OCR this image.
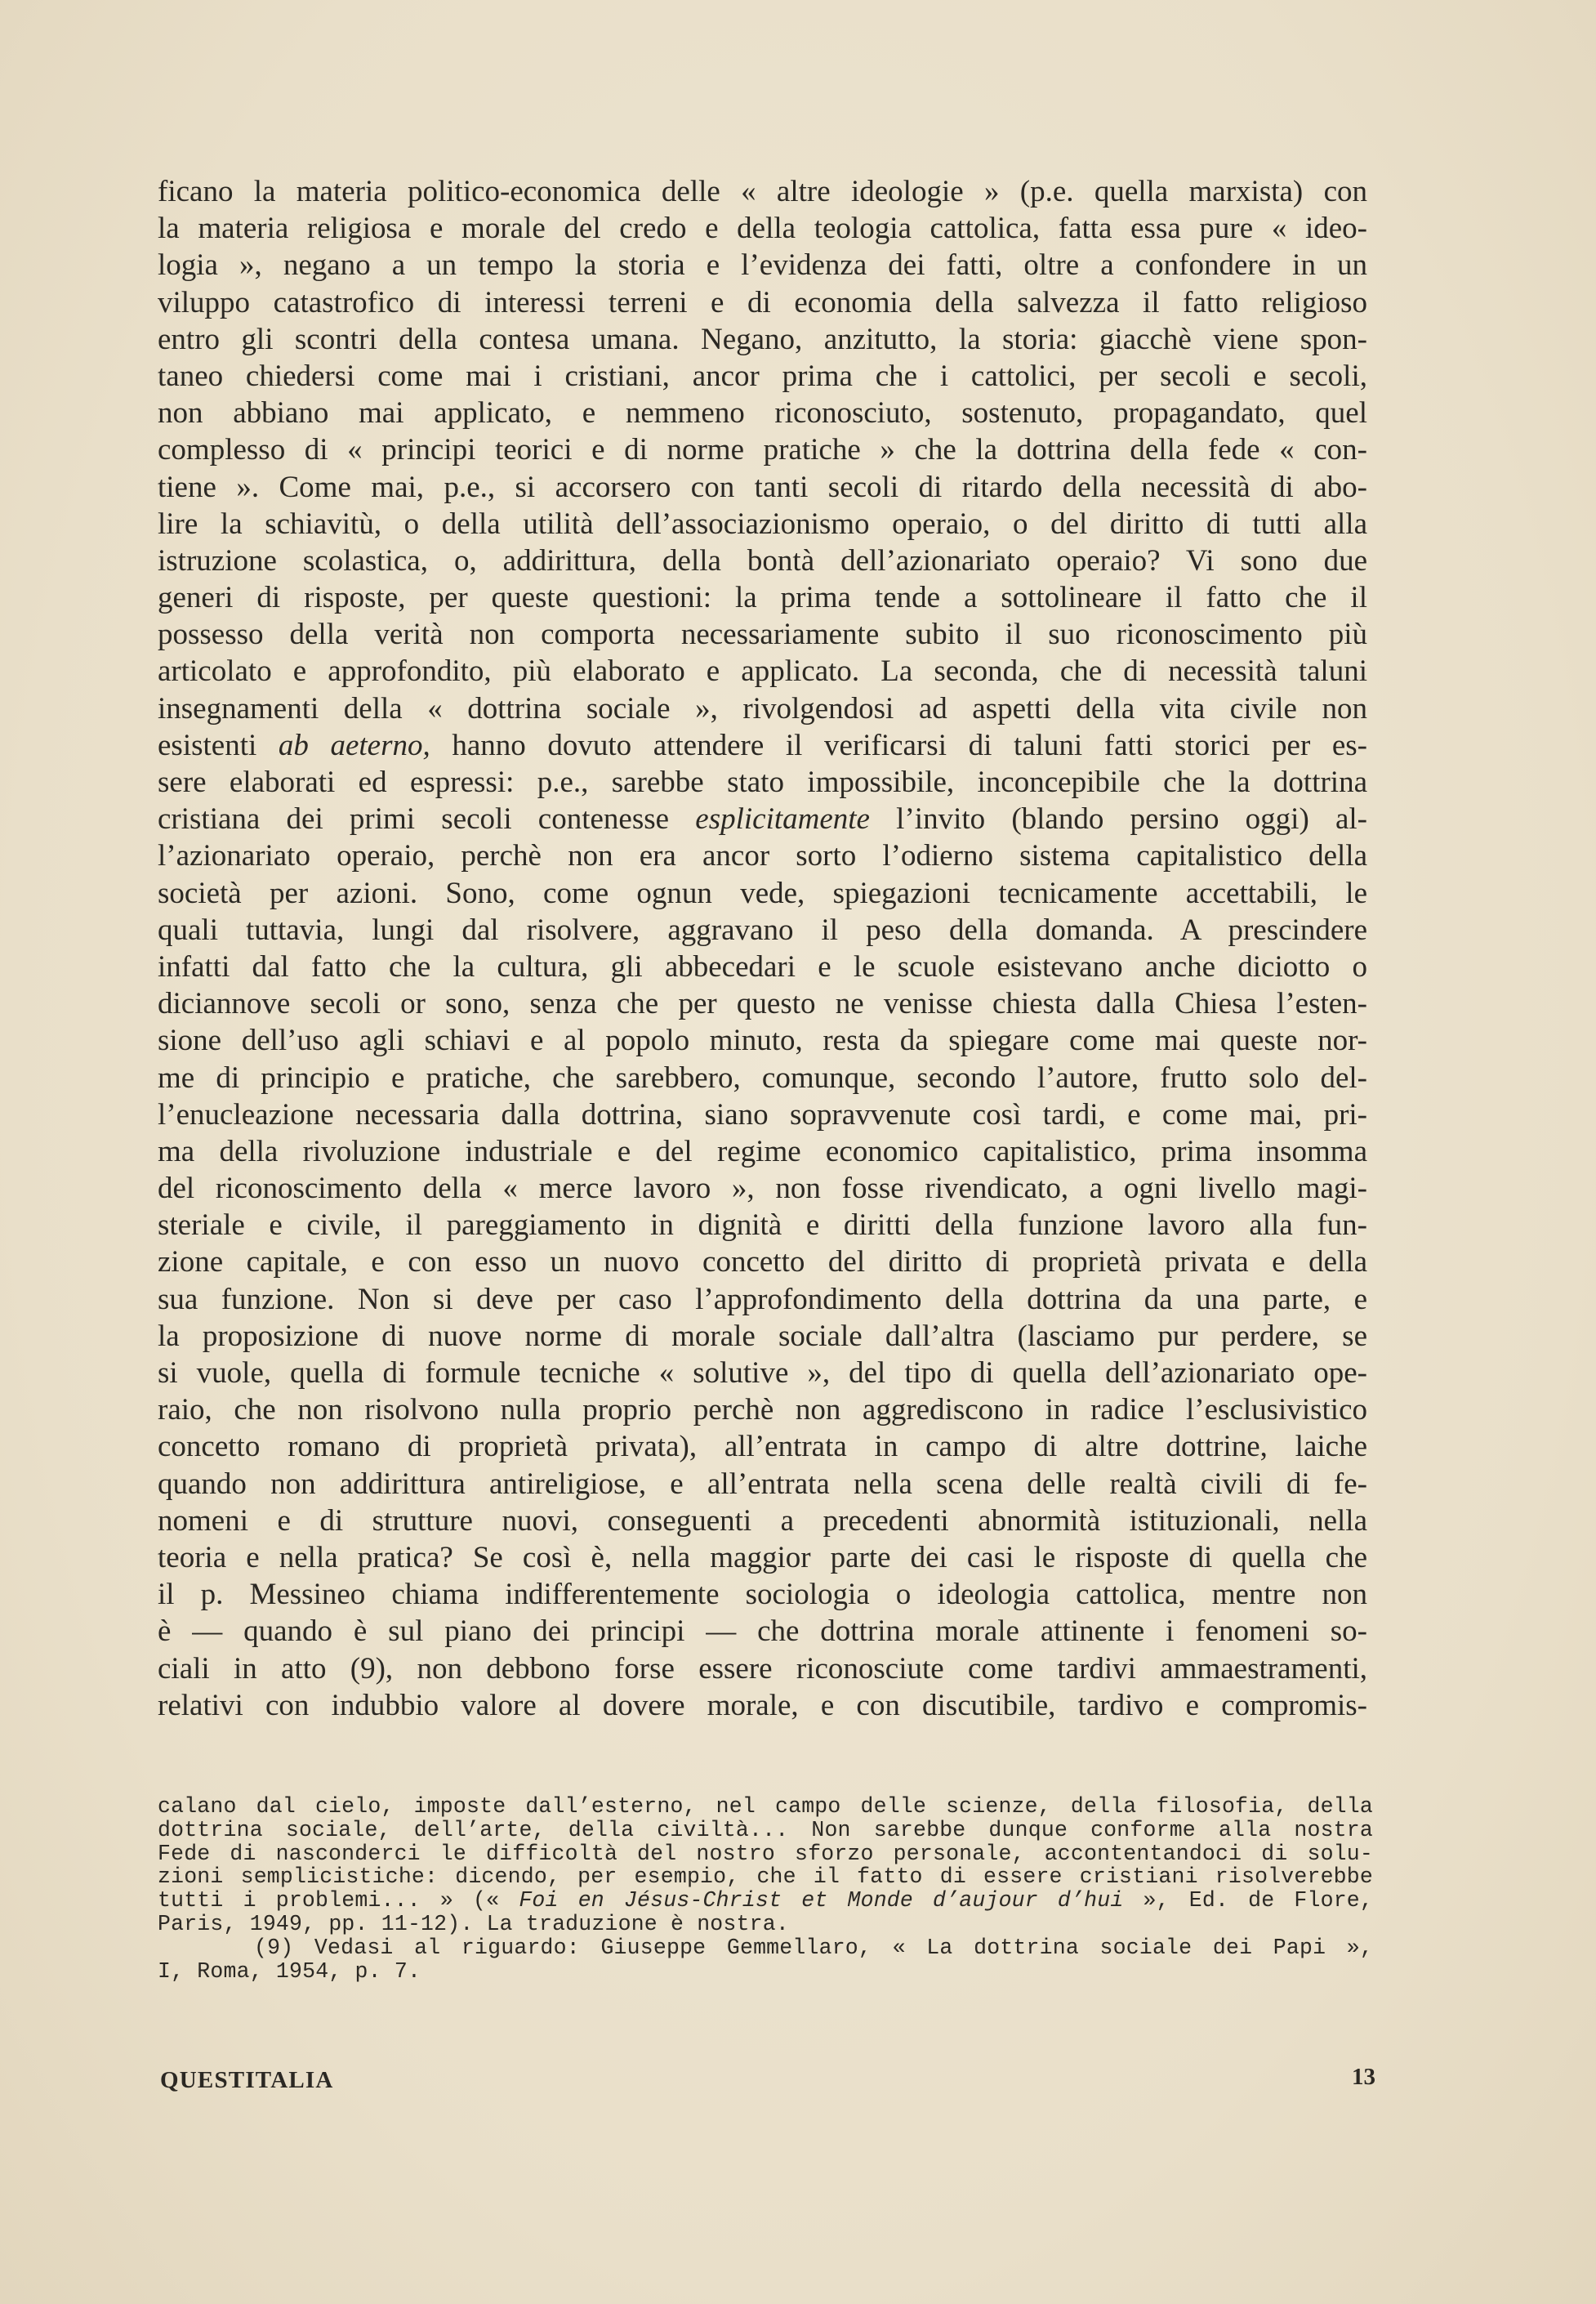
ficano la materia politico-economica delle « altre ideologie » (p.e. quella marxista) con
la materia religiosa e morale del credo e della teologia cattolica, fatta essa pure « ideo-
logia », negano a un tempo la storia e l’evidenza dei fatti, oltre a confondere in un
viluppo catastrofico di interessi terreni e di economia della salvezza il fatto religioso
entro gli scontri della contesa umana. Negano, anzitutto, la storia: giacchè viene spon-
taneo chiedersi come mai i cristiani, ancor prima che i cattolici, per secoli e secoli,
non abbiano mai applicato, e nemmeno riconosciuto, sostenuto, propagandato, quel
complesso di « principi teorici e di norme pratiche » che la dottrina della fede « con-
tiene ». Come mai, p.e., si accorsero con tanti secoli di ritardo della necessità di abo-
lire la schiavitù, o della utilità dell’associazionismo operaio, o del diritto di tutti alla
istruzione scolastica, o, addirittura, della bontà dell’azionariato operaio? Vi sono due
generi di risposte, per queste questioni: la prima tende a sottolineare il fatto che il
possesso della verità non comporta necessariamente subito il suo riconoscimento più
articolato e approfondito, più elaborato e applicato. La seconda, che di necessità taluni
insegnamenti della « dottrina sociale », rivolgendosi ad aspetti della vita civile non
esistenti ab aeterno, hanno dovuto attendere il verificarsi di taluni fatti storici per es-
sere elaborati ed espressi: p.e., sarebbe stato impossibile, inconcepibile che la dottrina
cristiana dei primi secoli contenesse esplicitamente l’invito (blando persino oggi) al-
l’azionariato operaio, perchè non era ancor sorto l’odierno sistema capitalistico della
società per azioni. Sono, come ognun vede, spiegazioni tecnicamente accettabili, le
quali tuttavia, lungi dal risolvere, aggravano il peso della domanda. A prescindere
infatti dal fatto che la cultura, gli abbecedari e le scuole esistevano anche diciotto o
diciannove secoli or sono, senza che per questo ne venisse chiesta dalla Chiesa l’esten-
sione dell’uso agli schiavi e al popolo minuto, resta da spiegare come mai queste nor-
me di principio e pratiche, che sarebbero, comunque, secondo l’autore, frutto solo del-
l’enucleazione necessaria dalla dottrina, siano sopravvenute così tardi, e come mai, pri-
ma della rivoluzione industriale e del regime economico capitalistico, prima insomma
del riconoscimento della « merce lavoro », non fosse rivendicato, a ogni livello magi-
steriale e civile, il pareggiamento in dignità e diritti della funzione lavoro alla fun-
zione capitale, e con esso un nuovo concetto del diritto di proprietà privata e della
sua funzione. Non si deve per caso l’approfondimento della dottrina da una parte, e
la proposizione di nuove norme di morale sociale dall’altra (lasciamo pur perdere, se
si vuole, quella di formule tecniche « solutive », del tipo di quella dell’azionariato ope-
raio, che non risolvono nulla proprio perchè non aggrediscono in radice l’esclusivistico
concetto romano di proprietà privata), all’entrata in campo di altre dottrine, laiche
quando non addirittura antireligiose, e all’entrata nella scena delle realtà civili di fe-
nomeni e di strutture nuovi, conseguenti a precedenti abnormità istituzionali, nella
teoria e nella pratica? Se così è, nella maggior parte dei casi le risposte di quella che
il p. Messineo chiama indifferentemente sociologia o ideologia cattolica, mentre non
è — quando è sul piano dei principi — che dottrina morale attinente i fenomeni so-
ciali in atto (9), non debbono forse essere riconosciute come tardivi ammaestramenti,
relativi con indubbio valore al dovere morale, e con discutibile, tardivo e compromis-
calano dal cielo, imposte dall’esterno, nel campo delle scienze, della filosofia, della
dottrina sociale, dell’arte, della civiltà... Non sarebbe dunque conforme alla nostra
Fede di nasconderci le difficoltà del nostro sforzo personale, accontentandoci di solu-
zioni semplicistiche: dicendo, per esempio, che il fatto di essere cristiani risolverebbe
tutti i problemi... » (« Foi en Jésus-Christ et Monde d’aujour d’hui », Ed. de Flore,
Paris, 1949, pp. 11-12). La traduzione è nostra.
(9) Vedasi al riguardo: Giuseppe Gemmellaro, « La dottrina sociale dei Papi »,
I, Roma, 1954, p. 7.
QUESTITALIA	13
